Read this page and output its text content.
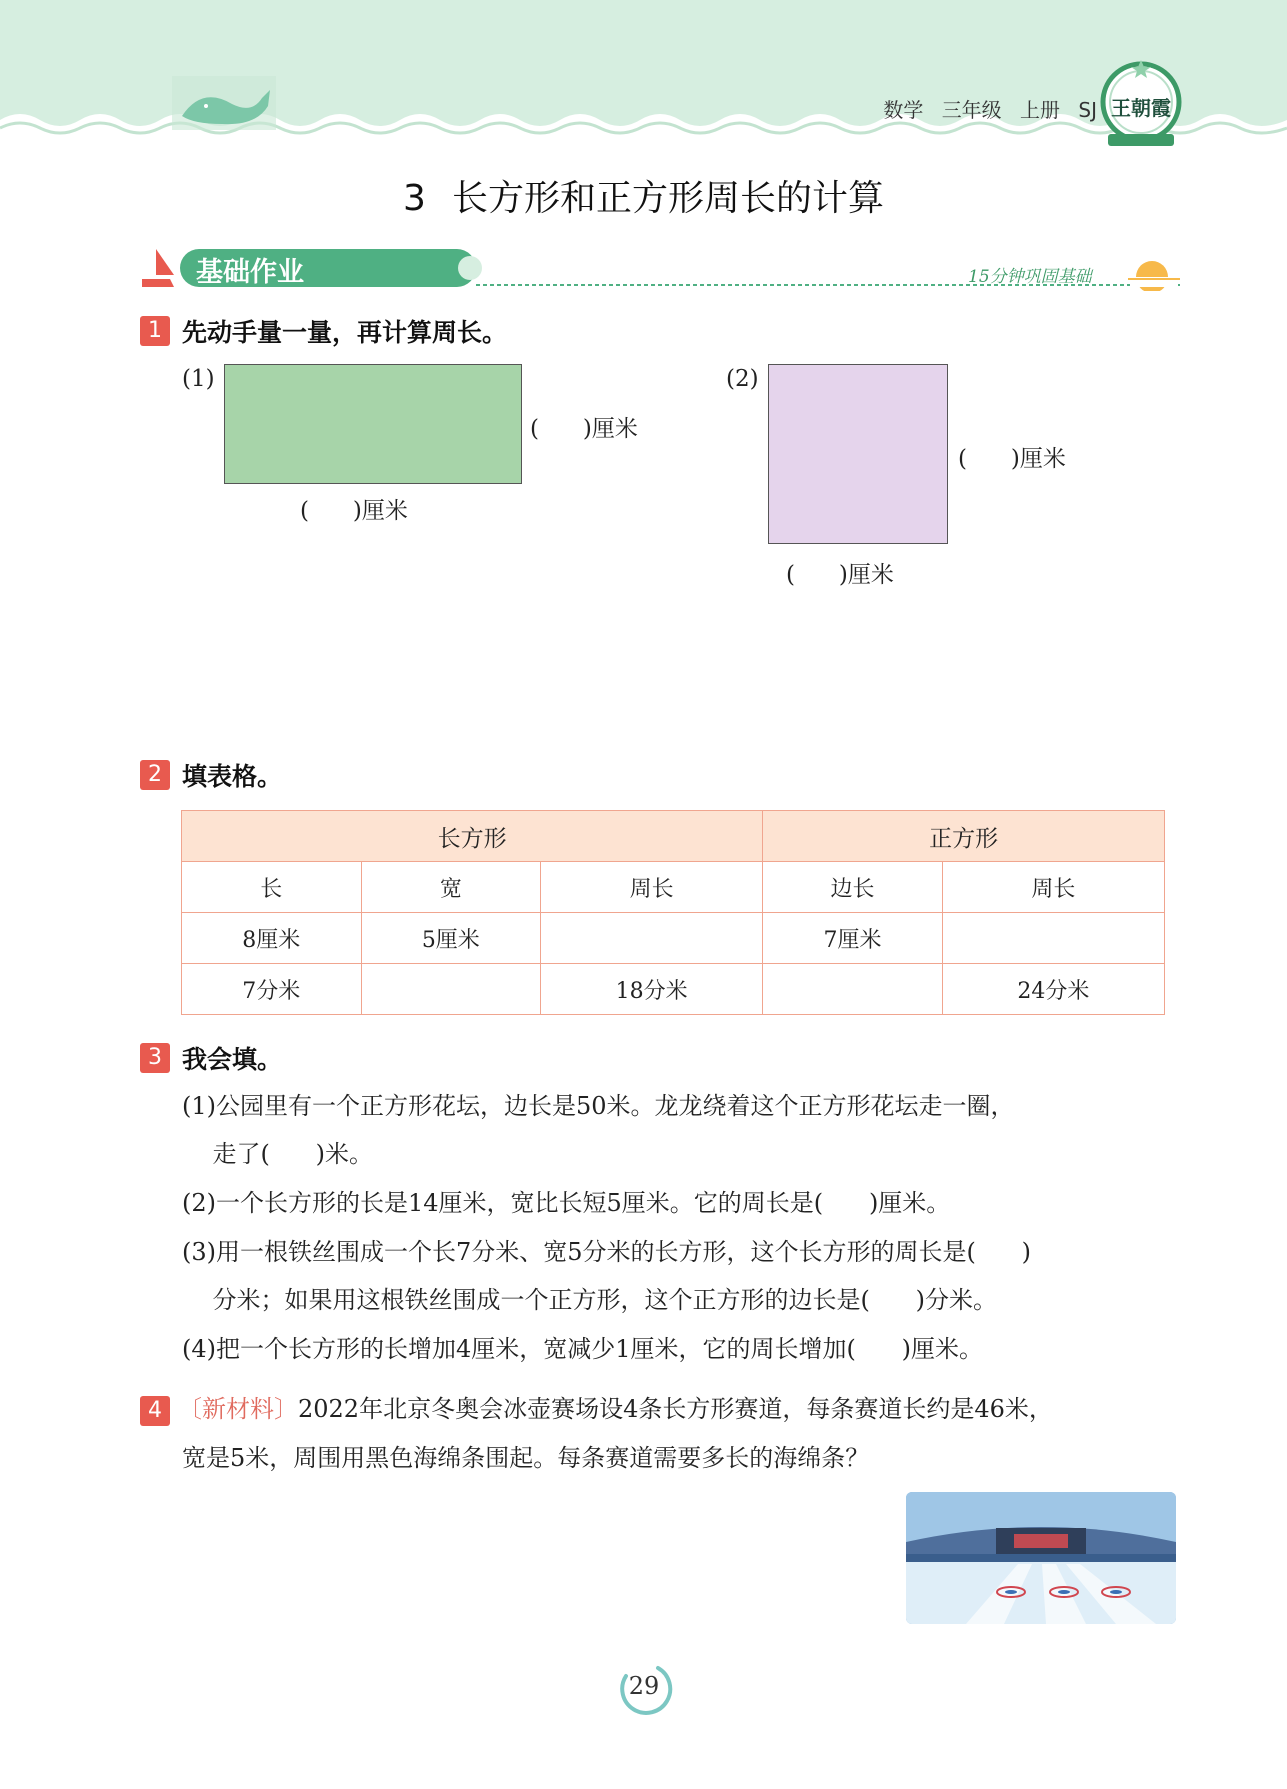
数学 三年级 上册 SJ 王朝霞
3 长方形和正方形周长的计算
基础作业	15分钟巩固基础
1 先动手量一量，再计算周长。
(1)
(      )厘米
(      )厘米
(2)
(      )厘米
(      )厘米
2 填表格。
长方形			正方形	
长	宽	周长	边长	周长
8厘米	5厘米		7厘米	
7分米		18分米		24分米
3 我会填。
(1)公园里有一个正方形花坛，边长是50米。龙龙绕着这个正方形花坛走一圈，
走了(      )米。
(2)一个长方形的长是14厘米，宽比长短5厘米。它的周长是(      )厘米。
(3)用一根铁丝围成一个长7分米、宽5分米的长方形，这个长方形的周长是(      )
分米；如果用这根铁丝围成一个正方形，这个正方形的边长是(      )分米。
(4)把一个长方形的长增加4厘米，宽减少1厘米，它的周长增加(      )厘米。
4 〔新材料〕2022年北京冬奥会冰壶赛场设4条长方形赛道，每条赛道长约是46米，
宽是5米，周围用黑色海绵条围起。每条赛道需要多长的海绵条？
29
